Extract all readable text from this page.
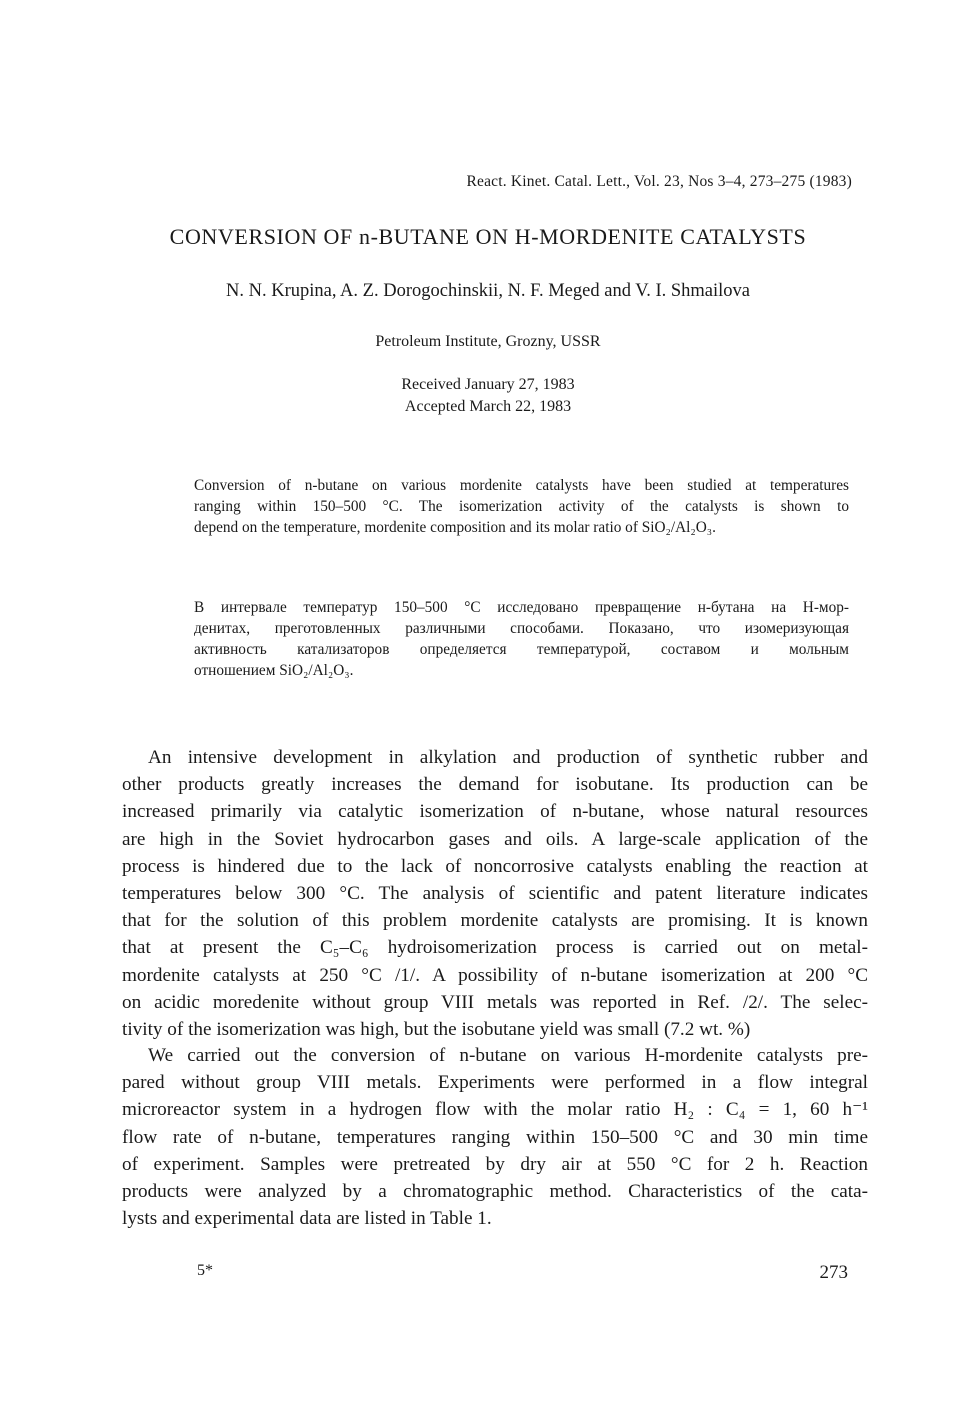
React. Kinet. Catal. Lett., Vol. 23, Nos 3–4, 273–275 (1983)

CONVERSION OF n-BUTANE ON H-MORDENITE CATALYSTS

N. N. Krupina, A. Z. Dorogochinskii, N. F. Meged and V. I. Shmailova

Petroleum Institute, Grozny, USSR

Received January 27, 1983
Accepted March 22, 1983
Conversion of n-butane on various mordenite catalysts have been studied at temperatures
ranging within 150–500 °C. The isomerization activity of the catalysts is shown to
depend on the temperature, mordenite composition and its molar ratio of SiO₂/Al₂O₃.
В интервале температур 150–500 °С исследовано превращение н-бутана на Н-мор-
денитах, преготовленных различными способами. Показано, что изомеризующая
активность катализаторов определяется температурой, составом и мольным
отношением SiO₂/Al₂O₃.
An intensive development in alkylation and production of synthetic rubber and
other products greatly increases the demand for isobutane. Its production can be
increased primarily via catalytic isomerization of n-butane, whose natural resources
are high in the Soviet hydrocarbon gases and oils. A large-scale application of the
process is hindered due to the lack of noncorrosive catalysts enabling the reaction at
temperatures below 300 °C. The analysis of scientific and patent literature indicates
that for the solution of this problem mordenite catalysts are promising. It is known
that at present the C₅–C₆ hydroisomerization process is carried out on metal-
mordenite catalysts at 250 °C /1/. A possibility of n-butane isomerization at 200 °C
on acidic moredenite without group VIII metals was reported in Ref. /2/. The selec-
tivity of the isomerization was high, but the isobutane yield was small (7.2 wt. %)
We carried out the conversion of n-butane on various H-mordenite catalysts pre-
pared without group VIII metals. Experiments were performed in a flow integral
microreactor system in a hydrogen flow with the molar ratio H₂ : C₄ = 1, 60 h⁻¹
flow rate of n-butane, temperatures ranging within 150–500 °C and 30 min time
of experiment. Samples were pretreated by dry air at 550 °C for 2 h. Reaction
products were analyzed by a chromatographic method. Characteristics of the cata-
lysts and experimental data are listed in Table 1.

5*	273
